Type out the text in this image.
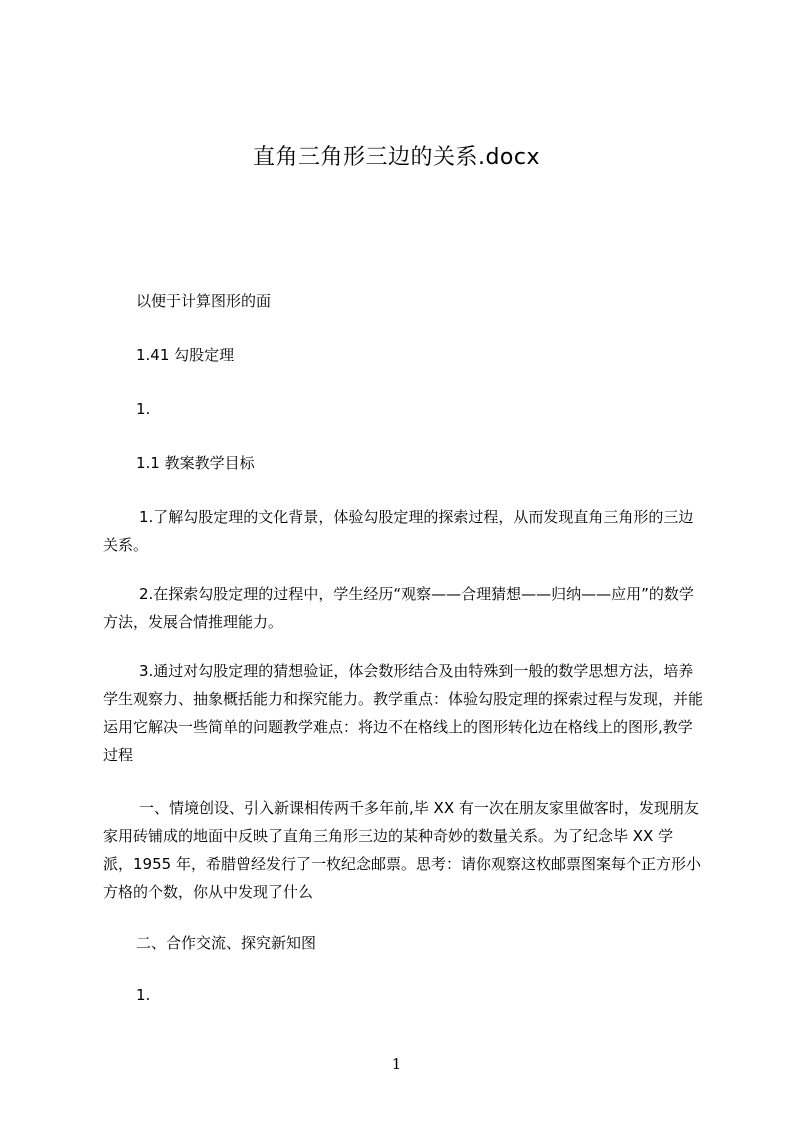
直角三角形三边的关系.docx
以便于计算图形的面
1.41 勾股定理
1.
1.1 教案教学目标
1.了解勾股定理的文化背景，体验勾股定理的探索过程，从而发现直角三角形的三边关系。
2.在探索勾股定理的过程中，学生经历“观察——合理猜想——归纳——应用”的数学方法，发展合情推理能力。
3.通过对勾股定理的猜想验证，体会数形结合及由特殊到一般的数学思想方法，培养学生观察力、抽象概括能力和探究能力。教学重点：体验勾股定理的探索过程与发现，并能运用它解决一些简单的问题教学难点：将边不在格线上的图形转化边在格线上的图形,教学过程
一、情境创设、引入新课相传两千多年前,毕 XX 有一次在朋友家里做客时，发现朋友家用砖铺成的地面中反映了直角三角形三边的某种奇妙的数量关系。为了纪念毕 XX 学派，1955 年，希腊曾经发行了一枚纪念邮票。思考：请你观察这枚邮票图案每个正方形小方格的个数，你从中发现了什么
二、合作交流、探究新知图
1.
1
